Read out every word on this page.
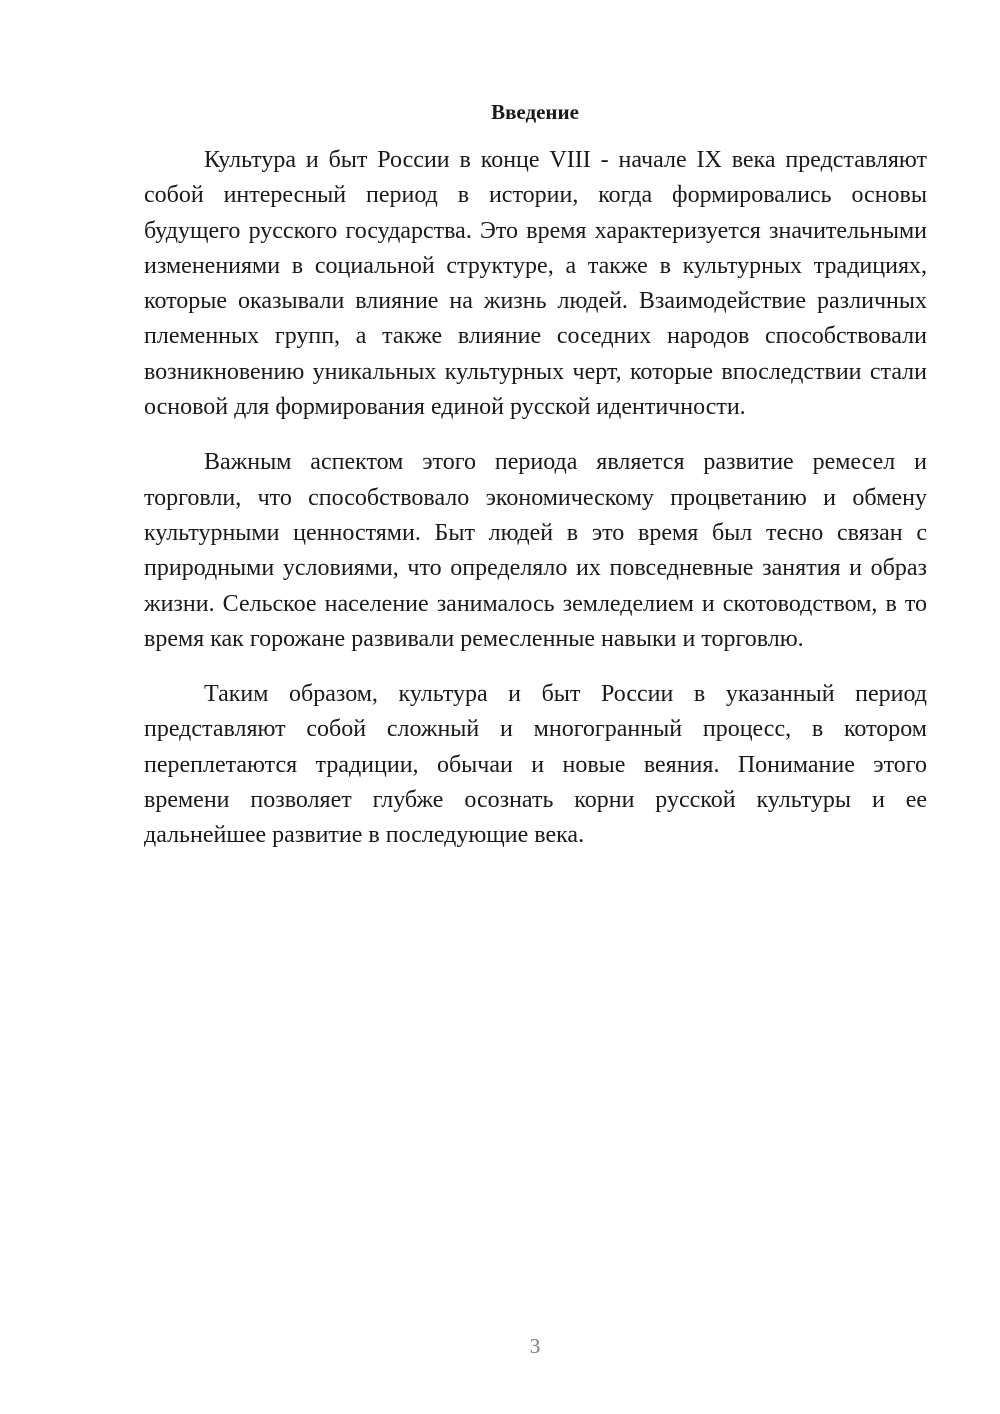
Введение

Культура и быт России в конце VIII - начале IX века представляют собой интересный период в истории, когда формировались основы будущего русского государства. Это время характеризуется значительными изменениями в социальной структуре, а также в культурных традициях, которые оказывали влияние на жизнь людей. Взаимодействие различных племенных групп, а также влияние соседних народов способствовали возникновению уникальных культурных черт, которые впоследствии стали основой для формирования единой русской идентичности.

Важным аспектом этого периода является развитие ремесел и торговли, что способствовало экономическому процветанию и обмену культурными ценностями. Быт людей в это время был тесно связан с природными условиями, что определяло их повседневные занятия и образ жизни. Сельское население занималось земледелием и скотоводством, в то время как горожане развивали ремесленные навыки и торговлю.

Таким образом, культура и быт России в указанный период представляют собой сложный и многогранный процесс, в котором переплетаются традиции, обычаи и новые веяния. Понимание этого времени позволяет глубже осознать корни русской культуры и ее дальнейшее развитие в последующие века.

3
